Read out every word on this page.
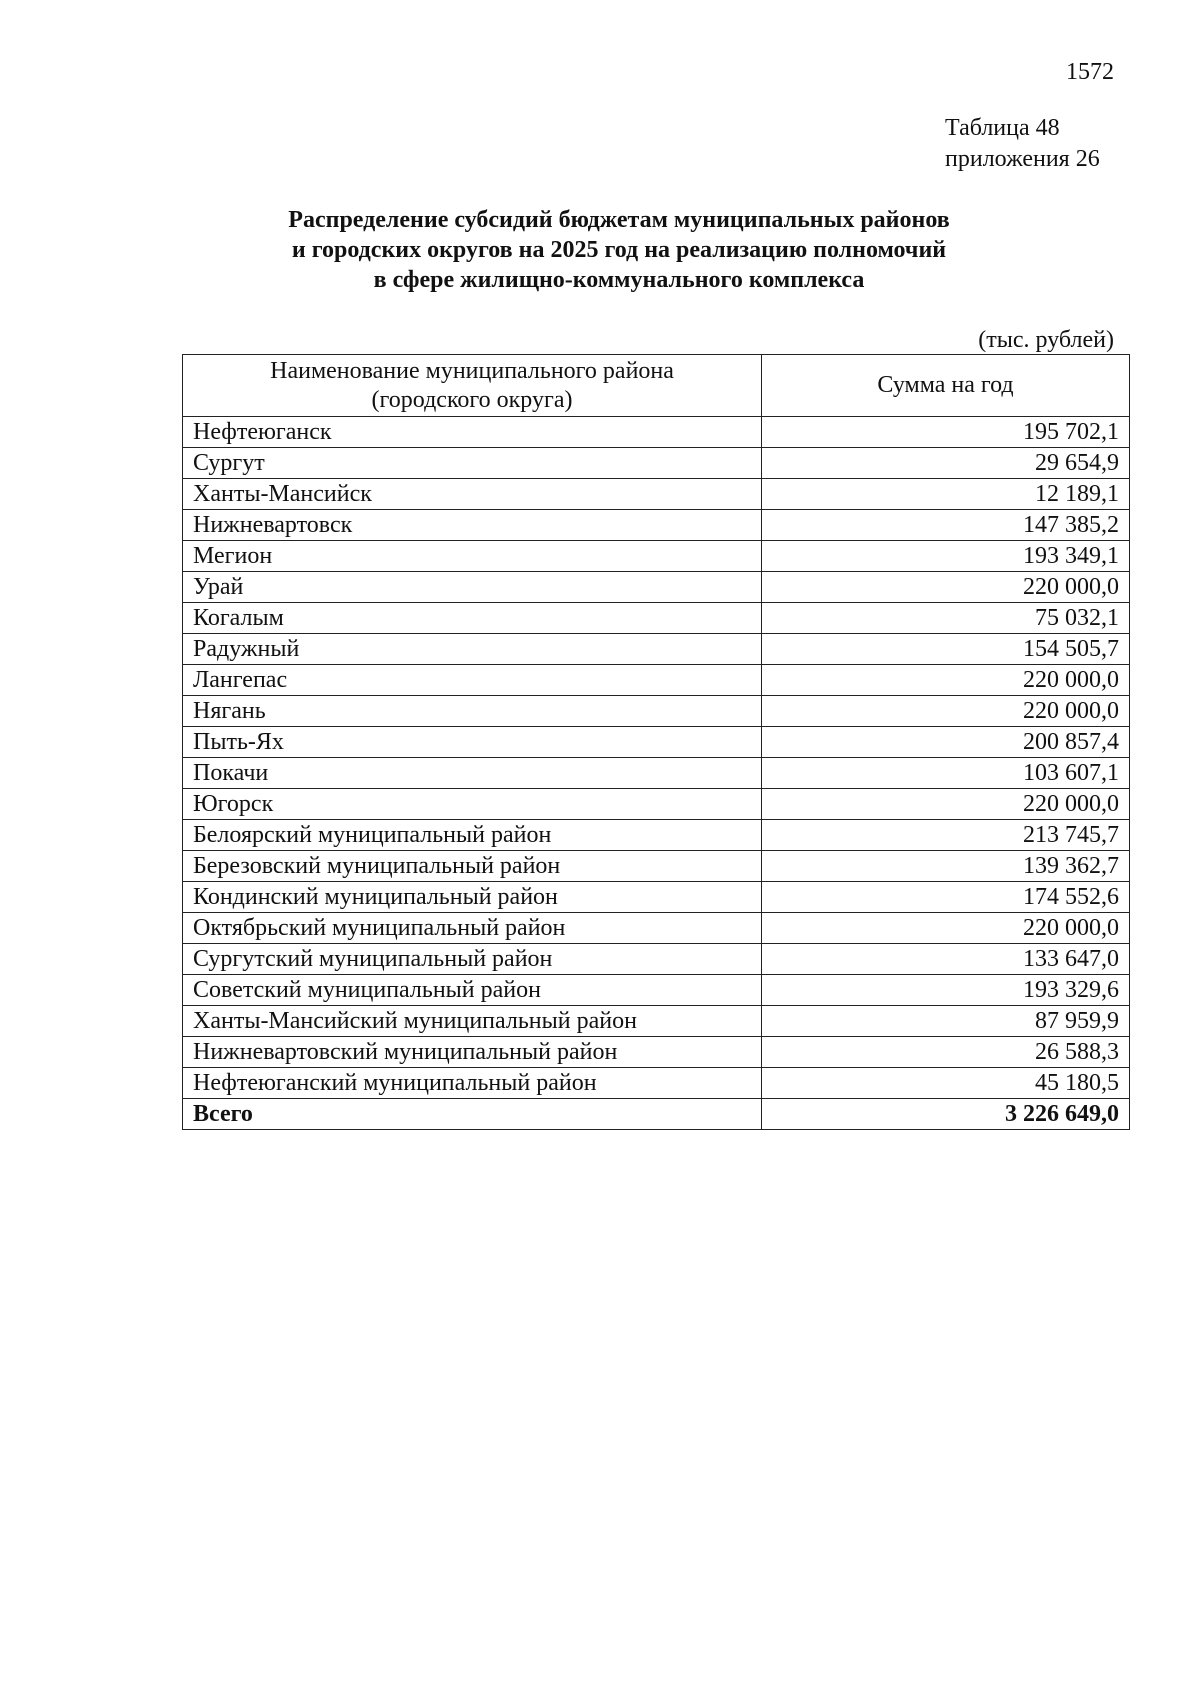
1572
Таблица 48
приложения 26
Распределение субсидий бюджетам муниципальных районов
и городских округов на 2025 год на реализацию полномочий
в сфере жилищно-коммунального комплекса
(тыс. рублей)
Наименование муниципального района
(городского округа)	Сумма на год
Нефтеюганск	195 702,1
Сургут	29 654,9
Ханты-Мансийск	12 189,1
Нижневартовск	147 385,2
Мегион	193 349,1
Урай	220 000,0
Когалым	75 032,1
Радужный	154 505,7
Лангепас	220 000,0
Нягань	220 000,0
Пыть-Ях	200 857,4
Покачи	103 607,1
Югорск	220 000,0
Белоярский муниципальный район	213 745,7
Березовский муниципальный район	139 362,7
Кондинский муниципальный район	174 552,6
Октябрьский муниципальный район	220 000,0
Сургутский муниципальный район	133 647,0
Советский муниципальный район	193 329,6
Ханты-Мансийский муниципальный район	87 959,9
Нижневартовский муниципальный район	26 588,3
Нефтеюганский муниципальный район	45 180,5
Всего	3 226 649,0
